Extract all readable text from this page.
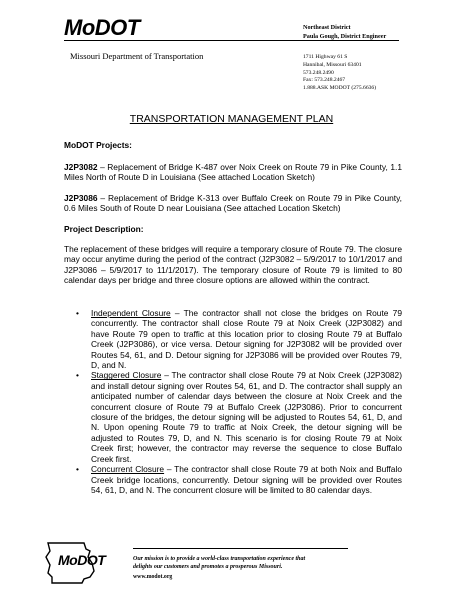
MoDOT
Missouri Department of Transportation
Northeast District
Paula Gough, District Engineer
1711 Highway 61 S
Hannibal, Missouri 63401
573.248.2490
Fax: 573.248.2467
1.888.ASK MODOT (275.6636)
TRANSPORTATION MANAGEMENT PLAN
MoDOT Projects:
J2P3082 – Replacement of Bridge K-487 over Noix Creek on Route 79 in Pike County, 1.1 Miles North of Route D in Louisiana (See attached Location Sketch)
J2P3086 – Replacement of Bridge K-313 over Buffalo Creek on Route 79 in Pike County, 0.6 Miles South of Route D near Louisiana (See attached Location Sketch)
Project Description:
The replacement of these bridges will require a temporary closure of Route 79. The closure may occur anytime during the period of the contract (J2P3082 – 5/9/2017 to 10/1/2017 and J2P3086 – 5/9/2017 to 11/1/2017). The temporary closure of Route 79 is limited to 80 calendar days per bridge and three closure options are allowed within the contract.
• Independent Closure – The contractor shall not close the bridges on Route 79 concurrently. The contractor shall close Route 79 at Noix Creek (J2P3082) and have Route 79 open to traffic at this location prior to closing Route 79 at Buffalo Creek (J2P3086), or vice versa. Detour signing for J2P3082 will be provided over Routes 54, 61, and D. Detour signing for J2P3086 will be provided over Routes 79, D, and N.
• Staggered Closure – The contractor shall close Route 79 at Noix Creek (J2P3082) and install detour signing over Routes 54, 61, and D. The contractor shall supply an anticipated number of calendar days between the closure at Noix Creek and the concurrent closure of Route 79 at Buffalo Creek (J2P3086). Prior to concurrent closure of the bridges, the detour signing will be adjusted to Routes 54, 61, D, and N. Upon opening Route 79 to traffic at Noix Creek, the detour signing will be adjusted to Routes 79, D, and N. This scenario is for closing Route 79 at Noix Creek first; however, the contractor may reverse the sequence to close Buffalo Creek first.
• Concurrent Closure – The contractor shall close Route 79 at both Noix and Buffalo Creek bridge locations, concurrently. Detour signing will be provided over Routes 54, 61, D, and N. The concurrent closure will be limited to 80 calendar days.
MoDOT	Our mission is to provide a world-class transportation experience that
delights our customers and promotes a prosperous Missouri.
www.modot.org
